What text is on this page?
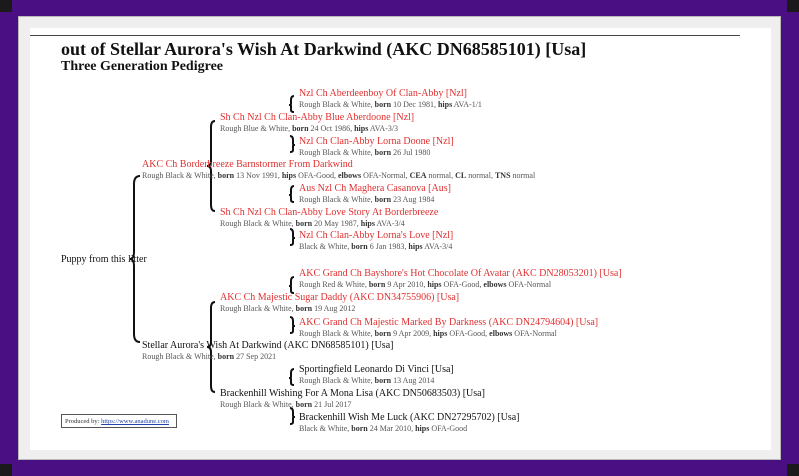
out of Stellar Aurora's Wish At Darkwind (AKC DN68585101) [Usa]
Three Generation Pedigree
Puppy from this litter
AKC Ch Borderbreeze Barnstormer From Darkwind
Rough Black & White, born 13 Nov 1991, hips OFA-Good, elbows OFA-Normal, CEA normal, CL normal, TNS normal
Sh Ch Nzl Ch Clan-Abby Blue Aberdoone [Nzl]
Rough Blue & White, born 24 Oct 1986, hips AVA-3/3
Nzl Ch Aberdeenboy Of Clan-Abby [Nzl]
Rough Black & White, born 10 Dec 1981, hips AVA-1/1
Nzl Ch Clan-Abby Lorna Doone [Nzl]
Rough Black & White, born 26 Jul 1980
Sh Ch Nzl Ch Clan-Abby Love Story At Borderbreeze
Rough Black & White, born 20 May 1987, hips AVA-3/4
Aus Nzl Ch Maghera Casanova [Aus]
Rough Black & White, born 23 Aug 1984
Nzl Ch Clan-Abby Lorna's Love [Nzl]
Black & White, born 6 Jan 1983, hips AVA-3/4
Stellar Aurora's Wish At Darkwind (AKC DN68585101) [Usa]
Rough Black & White, born 27 Sep 2021
AKC Ch Majestic Sugar Daddy (AKC DN34755906) [Usa]
Rough Black & White, born 19 Aug 2012
AKC Grand Ch Bayshore's Hot Chocolate Of Avatar (AKC DN28053201) [Usa]
Rough Red & White, born 9 Apr 2010, hips OFA-Good, elbows OFA-Normal
AKC Grand Ch Majestic Marked By Darkness (AKC DN24794604) [Usa]
Rough Black & White, born 9 Apr 2009, hips OFA-Good, elbows OFA-Normal
Brackenhill Wishing For A Mona Lisa (AKC DN50683503) [Usa]
Rough Black & White, born 21 Jul 2017
Sportingfield Leonardo Di Vinci [Usa]
Rough Black & White, born 13 Aug 2014
Brackenhill Wish Me Luck (AKC DN27295702) [Usa]
Black & White, born 24 Mar 2010, hips OFA-Good
Produced by: https://www.anadune.com
